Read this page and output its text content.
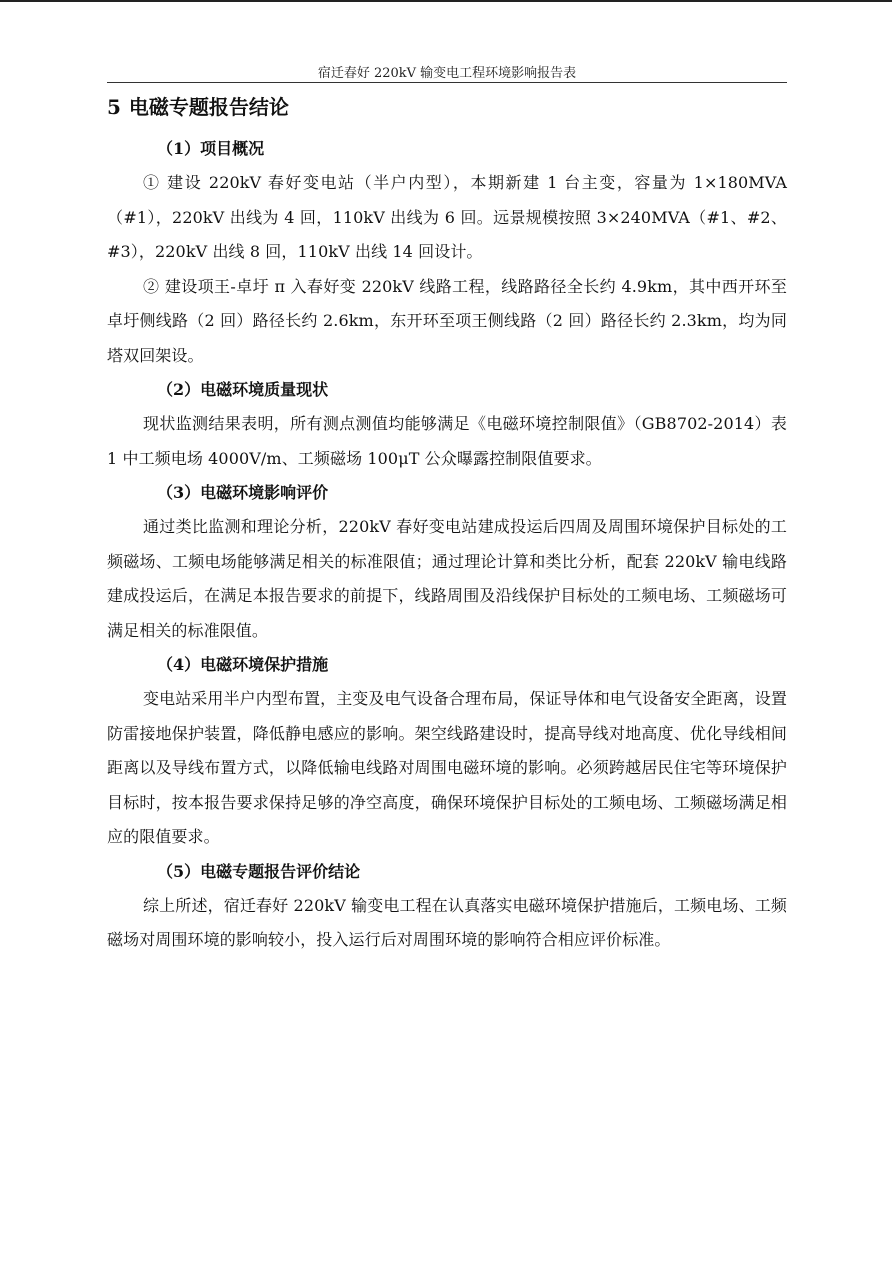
宿迁春好 220kV 输变电工程环境影响报告表
5 电磁专题报告结论
（1）项目概况

① 建设 220kV 春好变电站（半户内型），本期新建 1 台主变，容量为 1×180MVA（#1），220kV 出线为 4 回，110kV 出线为 6 回。远景规模按照 3×240MVA（#1、#2、#3），220kV 出线 8 回，110kV 出线 14 回设计。

② 建设项王-卓圩 π 入春好变 220kV 线路工程，线路路径全长约 4.9km，其中西开环至卓圩侧线路（2 回）路径长约 2.6km，东开环至项王侧线路（2 回）路径长约 2.3km，均为同塔双回架设。

（2）电磁环境质量现状

现状监测结果表明，所有测点测值均能够满足《电磁环境控制限值》（GB8702-2014）表 1 中工频电场 4000V/m、工频磁场 100μT 公众曝露控制限值要求。

（3）电磁环境影响评价

通过类比监测和理论分析，220kV 春好变电站建成投运后四周及周围环境保护目标处的工频磁场、工频电场能够满足相关的标准限值；通过理论计算和类比分析，配套 220kV 输电线路建成投运后，在满足本报告要求的前提下，线路周围及沿线保护目标处的工频电场、工频磁场可满足相关的标准限值。

（4）电磁环境保护措施

变电站采用半户内型布置，主变及电气设备合理布局，保证导体和电气设备安全距离，设置防雷接地保护装置，降低静电感应的影响。架空线路建设时，提高导线对地高度、优化导线相间距离以及导线布置方式，以降低输电线路对周围电磁环境的影响。必须跨越居民住宅等环境保护目标时，按本报告要求保持足够的净空高度，确保环境保护目标处的工频电场、工频磁场满足相应的限值要求。

（5）电磁专题报告评价结论

综上所述，宿迁春好 220kV 输变电工程在认真落实电磁环境保护措施后，工频电场、工频磁场对周围环境的影响较小，投入运行后对周围环境的影响符合相应评价标准。
